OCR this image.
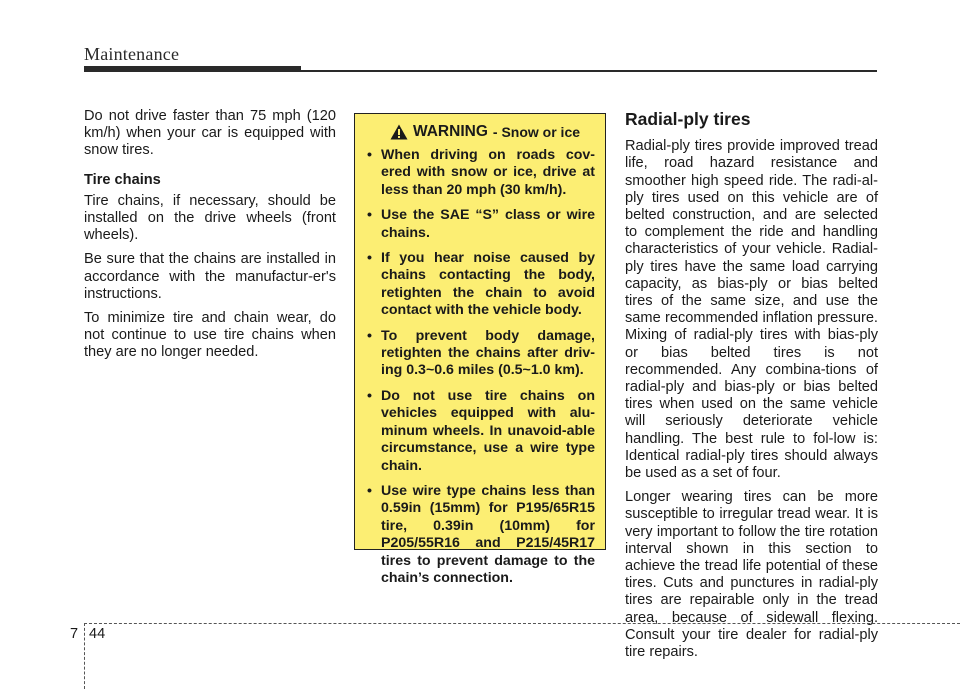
Maintenance

Do not drive faster than 75 mph (120 km/h) when your car is equipped with snow tires.

Tire chains

Tire chains, if necessary, should be installed on the drive wheels (front wheels).

Be sure that the chains are installed in accordance with the manufactur-er's instructions.

To minimize tire and chain wear, do not continue to use tire chains when they are no longer needed.

WARNING - Snow or ice
• When driving on roads cov-ered with snow or ice, drive at less than 20 mph (30 km/h).
• Use the SAE “S” class or wire chains.
• If you hear noise caused by chains contacting the body, retighten the chain to avoid contact with the vehicle body.
• To prevent body damage, retighten the chains after driv-ing 0.3~0.6 miles (0.5~1.0 km).
• Do not use tire chains on vehicles equipped with alu-minum wheels. In unavoid-able circumstance, use a wire type chain.
• Use wire type chains less than 0.59in (15mm) for P195/65R15 tire, 0.39in (10mm) for P205/55R16 and P215/45R17 tires to prevent damage to the chain’s connection.
Radial-ply tires

Radial-ply tires provide improved tread life, road hazard resistance and smoother high speed ride. The radi-al-ply tires used on this vehicle are of belted construction, and are selected to complement the ride and handling characteristics of your vehicle. Radial-ply tires have the same load carrying capacity, as bias-ply or bias belted tires of the same size, and use the same recommended inflation pressure. Mixing of radial-ply tires with bias-ply or bias belted tires is not recommended. Any combina-tions of radial-ply and bias-ply or bias belted tires when used on the same vehicle will seriously deteriorate vehicle handling. The best rule to fol-low is: Identical radial-ply tires should always be used as a set of four.

Longer wearing tires can be more susceptible to irregular tread wear. It is very important to follow the tire rotation interval shown in this section to achieve the tread life potential of these tires. Cuts and punctures in radial-ply tires are repairable only in the tread area, because of sidewall flexing. Consult your tire dealer for radial-ply tire repairs.

7 44
